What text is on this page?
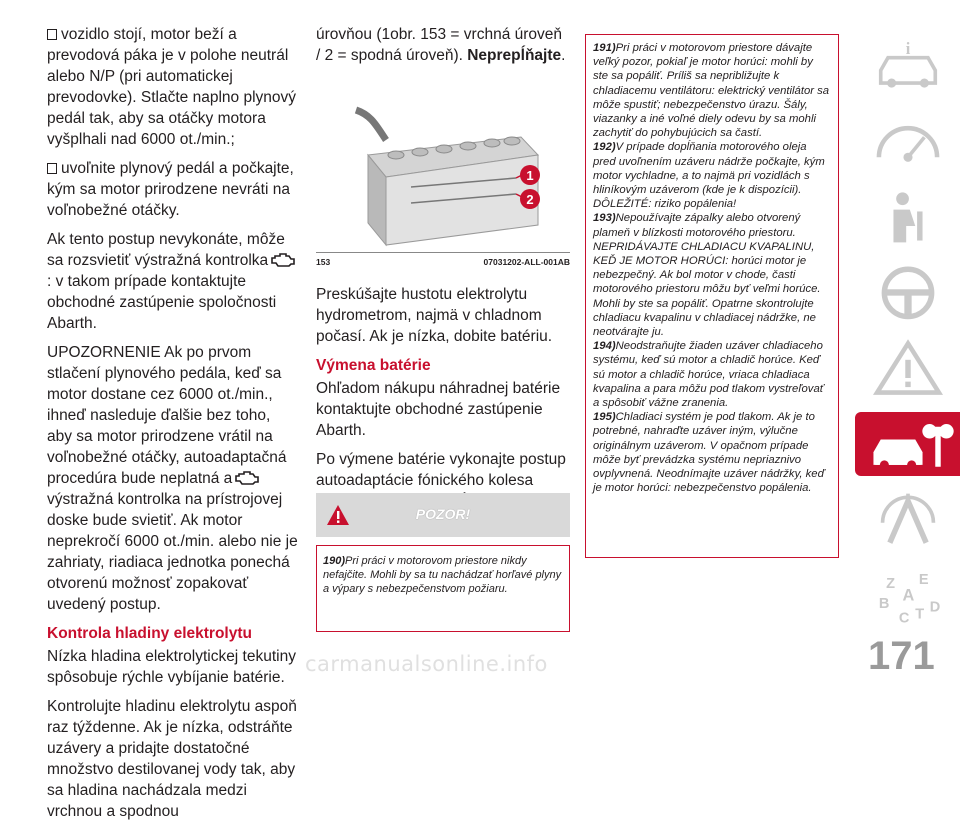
vozidlo stojí, motor beží a prevodová páka je v polohe neutrál alebo N/P (pri automatickej prevodovke). Stlačte naplno plynový pedál tak, aby sa otáčky motora vyšplhali nad 6000 ot./min.;
uvoľnite plynový pedál a počkajte, kým sa motor prirodzene nevráti na voľnobežné otáčky.
Ak tento postup nevykonáte, môže sa rozsvietiť výstražná kontrolka: v takom prípade kontaktujte obchodné zastúpenie spoločnosti Abarth.
UPOZORNENIE Ak po prvom stlačení plynového pedála, keď sa motor dostane cez 6000 ot./min., ihneď nasleduje ďalšie bez toho, aby sa motor prirodzene vrátil na voľnobežné otáčky, autoadaptačná procedúra bude neplatná avýstražná kontrolka na prístrojovej doske bude svietiť. Ak motor neprekročí 6000 ot./min. alebo nie je zahriaty, riadiaca jednotka ponechá otvorenú možnosť zopakovať uvedený postup.
Kontrola hladiny elektrolytu
Nízka hladina elektrolytickej tekutiny spôsobuje rýchle vybíjanie batérie.
Kontrolujte hladinu elektrolytu aspoň raz týždenne. Ak je nízka, odstráňte uzávery a pridajte dostatočné množstvo destilovanej vody tak, aby sa hladina nachádzala medzi vrchnou a spodnou
úrovňou (1obr. 153 = vrchná úroveň / 2 = spodná úroveň). Neprepĺňajte.
1
2
153	07031202-ALL-001AB
Preskúšajte hustotu elektrolytu hydrometrom, najmä v chladnom počasí. Ak je nízka, dobite batériu.
Výmena batérie
Ohľadom nákupu náhradnej batérie kontaktujte obchodné zastúpenie Abarth.
Po výmene batérie vykonajte postup autoadaptácie fónického kolesa
POZOR!
190)Pri práci v motorovom priestore nikdy nefajčite. Mohli by sa tu nachádzať horľavé plyny a výpary s nebezpečenstvom požiaru.
191)Pri práci v motorovom priestore dávajte veľký pozor, pokiaľ je motor horúci: mohli by ste sa popáliť. Príliš sa nepribližujte k chladiacemu ventilátoru: elektrický ventilátor sa môže spustiť; nebezpečenstvo úrazu. Šály, viazanky a iné voľné diely odevu by sa mohli zachytiť do pohybujúcich sa častí.
192)V prípade dopĺňania motorového oleja pred uvoľnením uzáveru nádrže počkajte, kým motor vychladne, a to najmä pri vozidlách s hliníkovým uzáverom (kde je k dispozícii). DÔLEŽITÉ: riziko popálenia!
193)Nepoužívajte zápalky alebo otvorený plameň v blízkosti motorového priestoru. NEPRIDÁVAJTE CHLADIACU KVAPALINU, KEĎ JE MOTOR HORÚCI: horúci motor je nebezpečný. Ak bol motor v chode, časti motorového priestoru môžu byť veľmi horúce. Mohli by ste sa popáliť. Opatrne skontrolujte chladiacu kvapalinu v chladiacej nádržke, ne neotvárajte ju.
194)Neodstraňujte žiaden uzáver chladiaceho systému, keď sú motor a chladič horúce. Keď sú motor a chladič horúce, vriaca chladiaca kvapalina a para môžu pod tlakom vystreľovať a spôsobiť vážne zranenia.
195)Chladiaci systém je pod tlakom. Ak je to potrebné, nahraďte uzáver iným, výlučne originálnym uzáverom. V opačnom prípade môže byť prevádzka systému nepriaznivo ovplyvnená. Neodnímajte uzáver nádržky, keď je motor horúci: nebezpečenstvo popálenia.
i
Z E
B A
C T D
171
carmanualsonline.info
